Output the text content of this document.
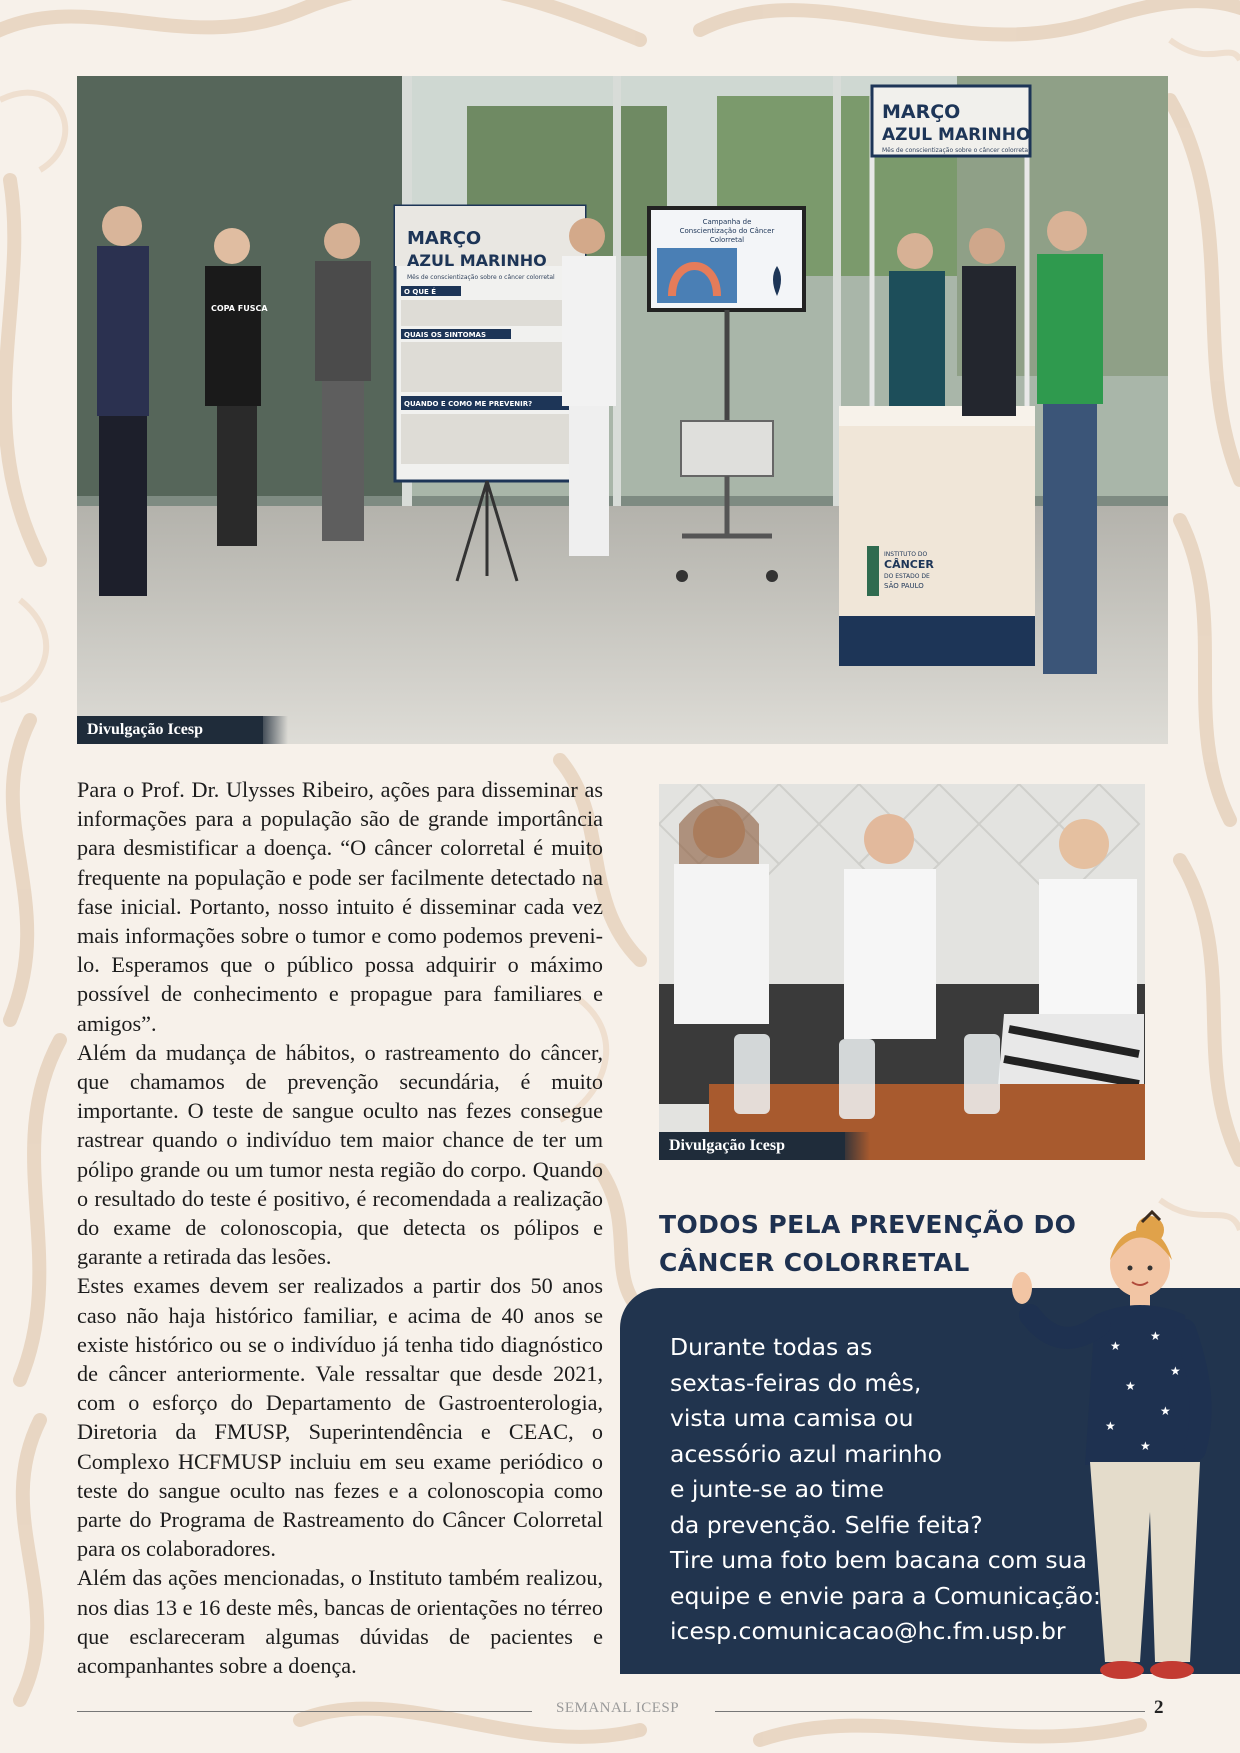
MARÇO
AZUL MARINHO
Mês de conscientização sobre o câncer colorretal
O QUE É
QUAIS OS SINTOMAS
QUANDO E COMO ME PREVENIR?
Campanha de
Conscientização do Câncer
Colorretal
MARÇO
AZUL MARINHO
Mês de conscientização sobre o câncer colorretal
INSTITUTO DO
CÂNCER
DO ESTADO DE
SÃO PAULO
COPA FUSCA
Divulgação Icesp
Divulgação Icesp

Para o Prof. Dr. Ulysses Ribeiro, ações para disseminar as informações para a população são de grande importância para desmistificar a doença. “O câncer colorretal é muito frequente na população e pode ser facilmente detectado na fase inicial. Portanto, nosso intuito é disseminar cada vez mais informações sobre o tumor e como podemos preveni-lo. Esperamos que o público possa adquirir o máximo possível de conhecimento e propague para familiares e amigos”.

Além da mudança de hábitos, o rastreamento do câncer, que chamamos de prevenção secundária, é muito importante. O teste de sangue oculto nas fezes consegue rastrear quando o indivíduo tem maior chance de ter um pólipo grande ou um tumor nesta região do corpo. Quando o resultado do teste é positivo, é recomendada a realização do exame de colonoscopia, que detecta os pólipos e garante a retirada das lesões.

Estes exames devem ser realizados a partir dos 50 anos caso não haja histórico familiar, e acima de 40 anos se existe histórico ou se o indivíduo já tenha tido diagnóstico de câncer anteriormente. Vale ressaltar que desde 2021, com o esforço do Departamento de Gastroenterologia, Diretoria da FMUSP, Superintendência e CEAC, o Complexo HCFMUSP incluiu em seu exame periódico o teste do sangue oculto nas fezes e a colonoscopia como parte do Programa de Rastreamento do Câncer Colorretal para os colaboradores.

Além das ações mencionadas, o Instituto também realizou, nos dias 13 e 16 deste mês, bancas de orientações no térreo que esclareceram algumas dúvidas de pacientes e acompanhantes sobre a doença.

TODOS PELA PREVENÇÃO DO
CÂNCER COLORRETAL
Durante todas as
sextas-feiras do mês,
vista uma camisa ou
acessório azul marinho
e junte-se ao time
da prevenção. Selfie feita?
Tire uma foto bem bacana com sua
equipe e envie para a Comunicação:
icesp.comunicacao@hc.fm.usp.br
★
★
★
★
★
★
★
SEMANAL ICESP	2
